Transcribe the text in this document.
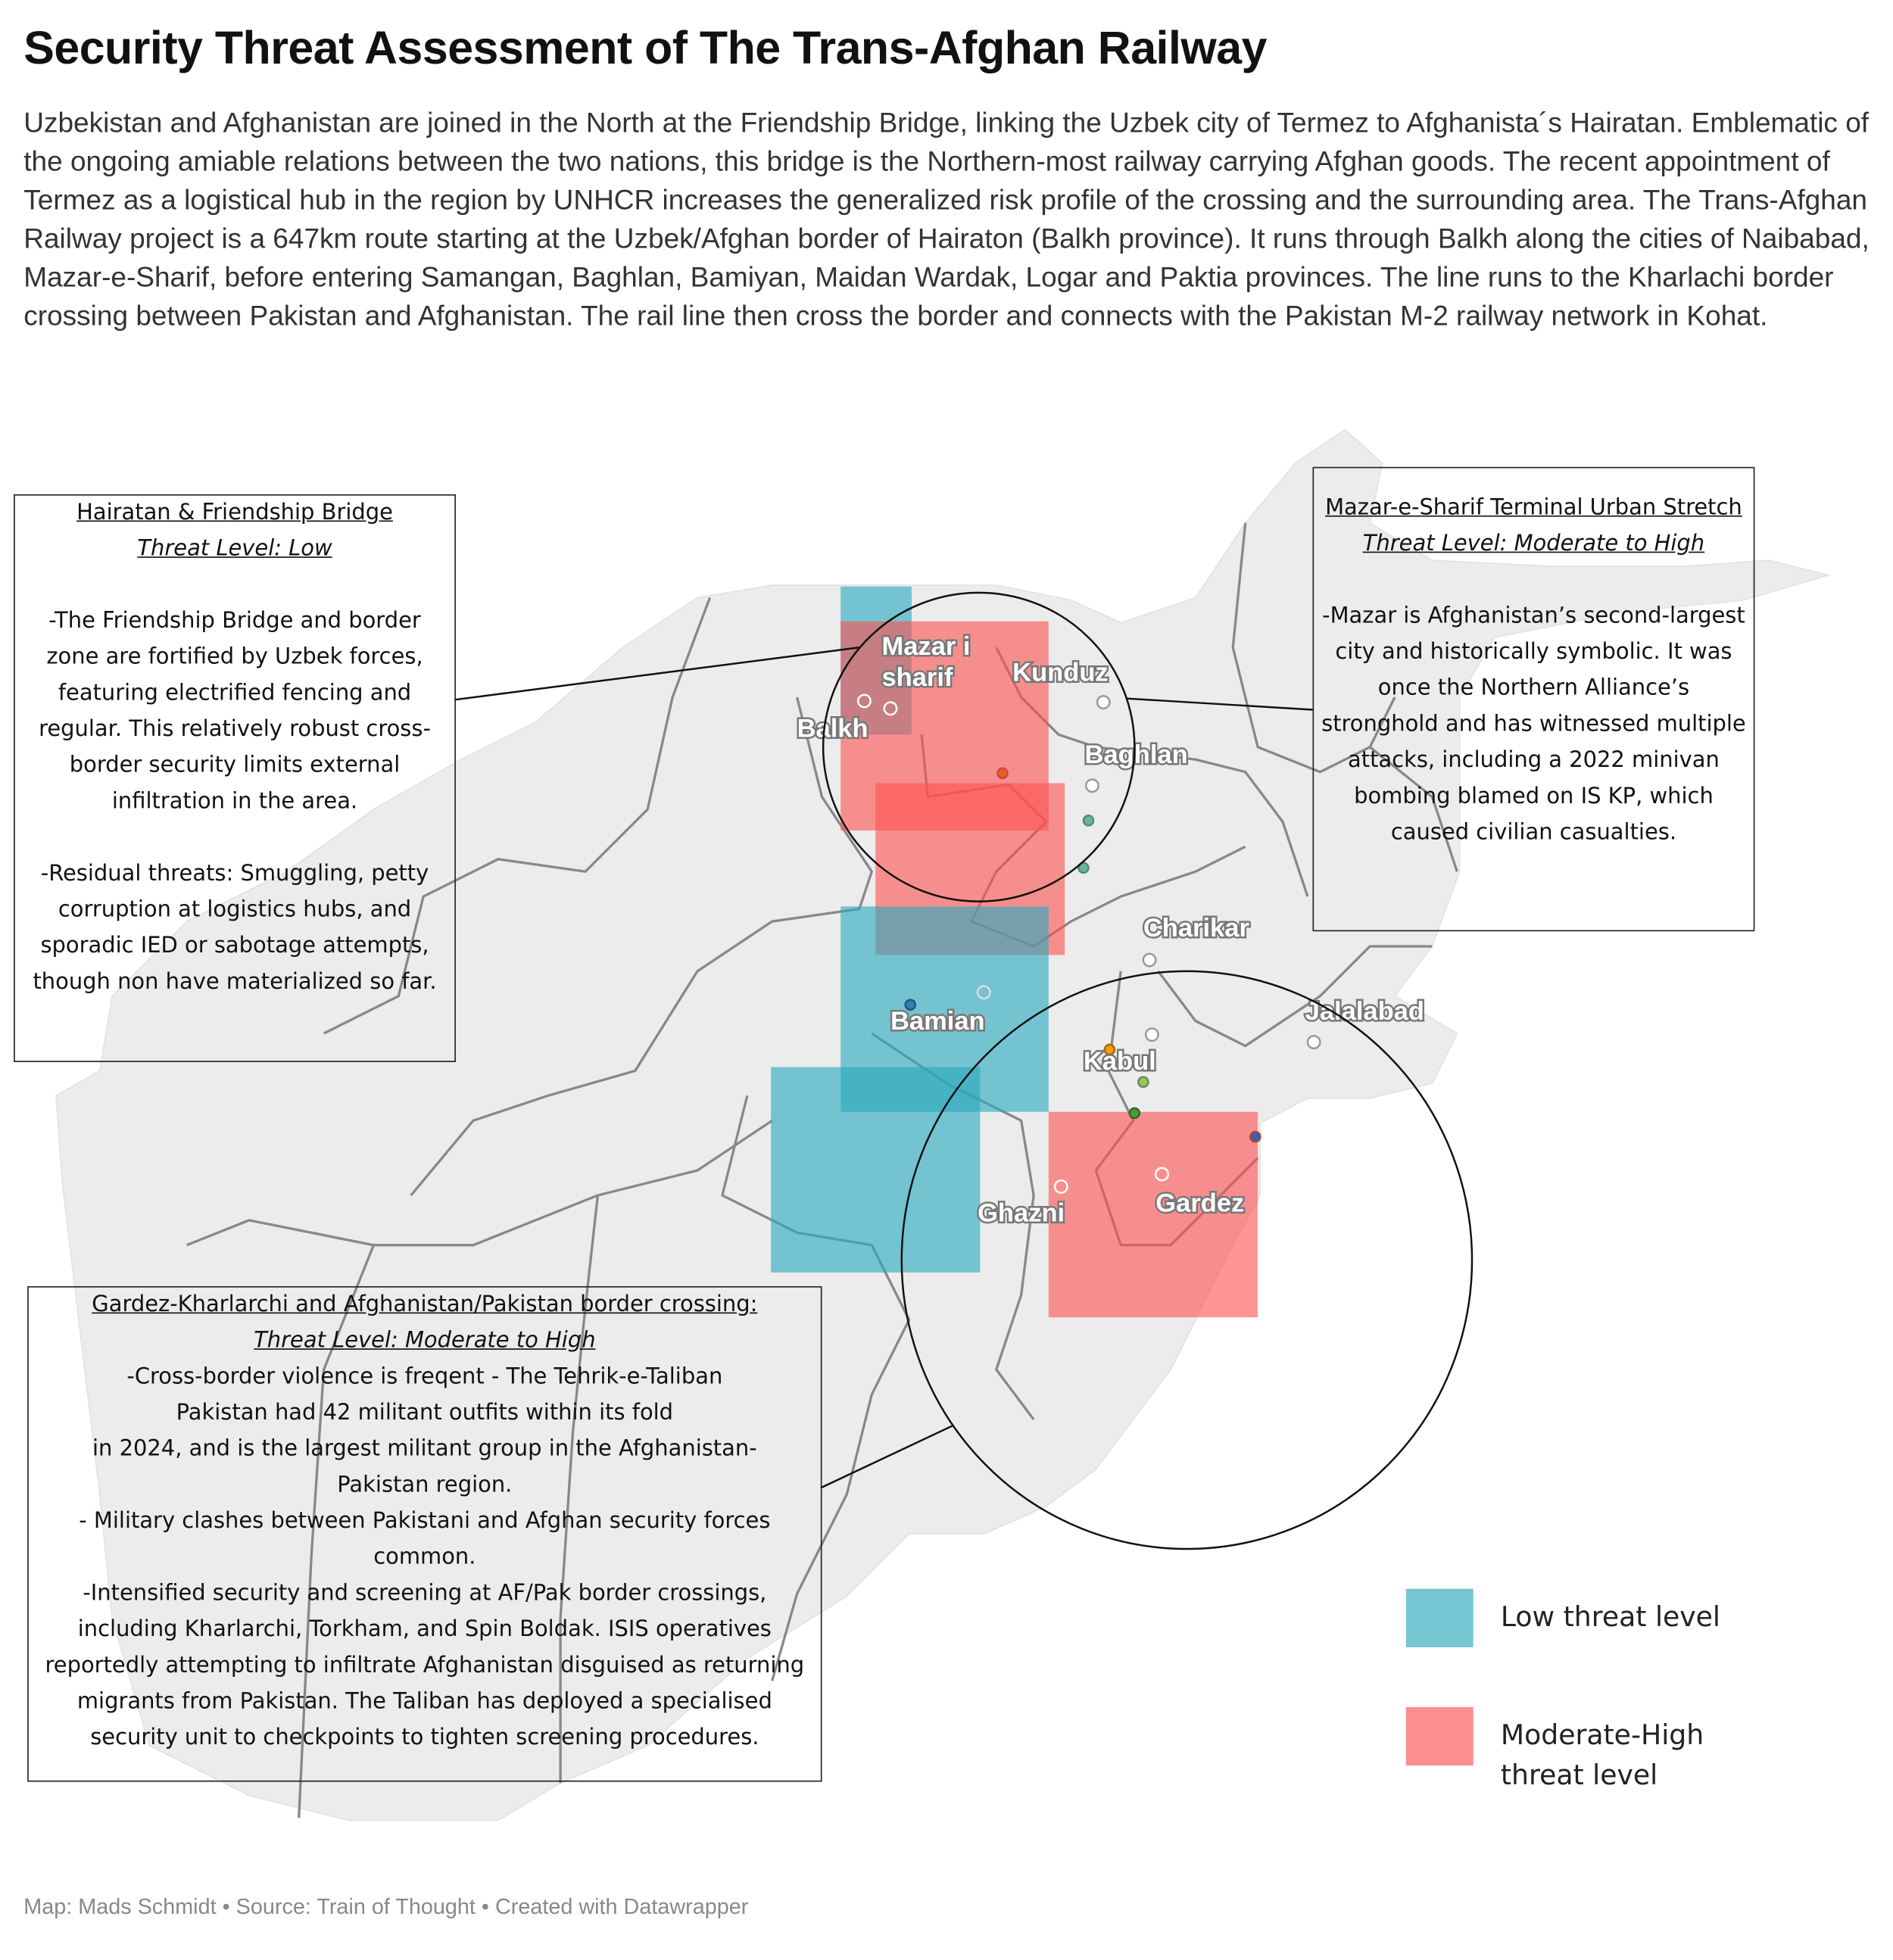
Security Threat Assessment of The Trans-Afghan Railway
Uzbekistan and Afghanistan are joined in the North at the Friendship Bridge, linking the Uzbek city of Termez to Afghanista´s Hairatan. Emblematic of the ongoing amiable relations between the two nations, this bridge is the Northern-most railway carrying Afghan goods. The recent appointment of Termez as a logistical hub in the region by UNHCR increases the generalized risk profile of the crossing and the surrounding area. The Trans-Afghan Railway project is a 647km route starting at the Uzbek/Afghan border of Hairaton (Balkh province). It runs through Balkh along the cities of Naibabad, Mazar-e-Sharif, before entering Samangan, Baghlan, Bamiyan, Maidan Wardak, Logar and Paktia provinces. The line runs to the Kharlachi border crossing between Pakistan and Afghanistan. The rail line then cross the border and connects with the Pakistan M-2 railway network in Kohat.
Mazar i
sharif	Kunduz
Balkh
Baghlan
Charikar
Jalalabad
Bamian
Kabul
Ghazni	Gardez

Hairatan & Friendship Bridge

Threat Level: Low

-The Friendship Bridge and border zone are fortified by Uzbek forces, featuring electrified fencing and regular. This relatively robust cross-border security limits external infiltration in the area.

-Residual threats: Smuggling, petty corruption at logistics hubs, and sporadic IED or sabotage attempts, though non have materialized so far.

Mazar-e-Sharif Terminal Urban Stretch

Threat Level: Moderate to High

-Mazar is Afghanistan’s second-largest city and historically symbolic. It was once the Northern Alliance’s stronghold and has witnessed multiple attacks, including a 2022 minivan bombing blamed on IS KP, which caused civilian casualties.

Gardez-Kharlarchi and Afghanistan/Pakistan border crossing:

Threat Level: Moderate to High

-Cross-border violence is freqent - The Tehrik-e-Taliban Pakistan had 42 militant outfits within its fold

in 2024, and is the largest militant group in the Afghanistan-Pakistan region.

- Military clashes between Pakistani and Afghan security forces common.

-Intensified security and screening at AF/Pak border crossings, including Kharlarchi, Torkham, and Spin Boldak. ISIS operatives reportedly attempting to infiltrate Afghanistan disguised as returning migrants from Pakistan. The Taliban has deployed a specialised security unit to checkpoints to tighten screening procedures.

Low threat level
Moderate-High threat level
Map: Mads Schmidt • Source: Train of Thought • Created with Datawrapper
